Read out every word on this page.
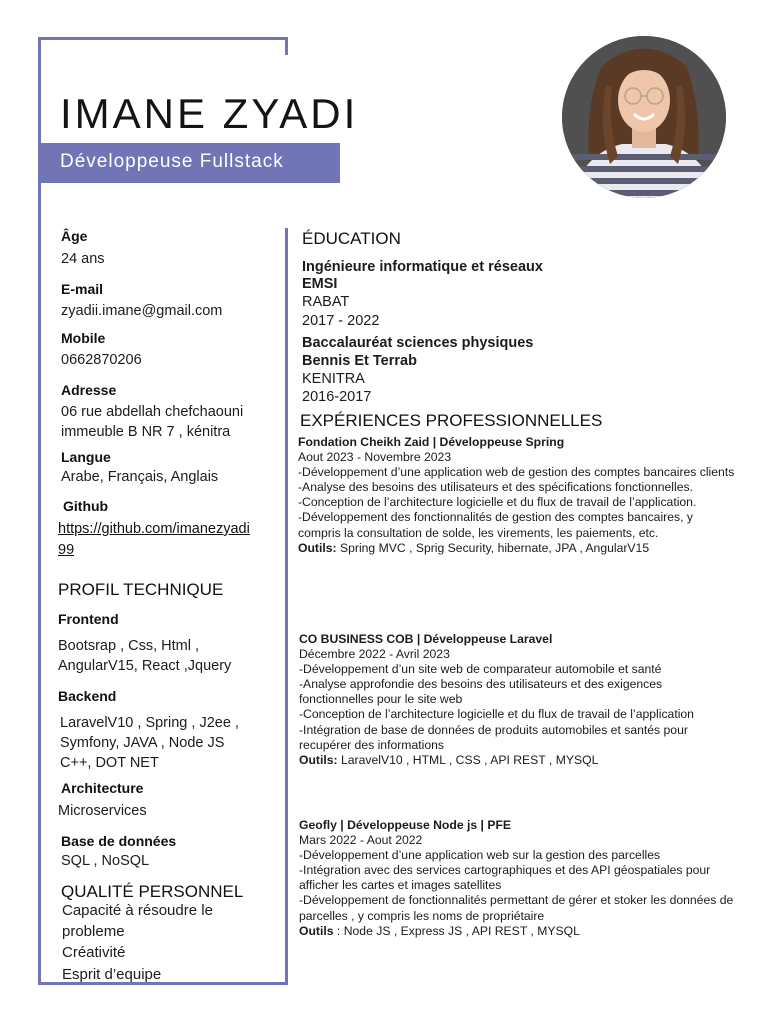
IMANE ZYADI
Développeuse Fullstack
Âge
24 ans
E-mail
zyadii.imane@gmail.com
Mobile
0662870206
Adresse
06 rue abdellah chefchaouni
immeuble B NR 7 , kénitra
Langue
Arabe, Français, Anglais
Github
https://github.com/imanezyadi
99
PROFIL TECHNIQUE
Frontend
Bootsrap , Css, Html ,
AngularV15, React ,Jquery
Backend
LaravelV10 , Spring , J2ee ,
Symfony, JAVA , Node JS
C++, DOT NET
Architecture
Microservices
Base de données
SQL , NoSQL
QUALITÉ PERSONNEL
Capacité à résoudre le
probleme
Créativité
Esprit d’equipe
ÉDUCATION
Ingénieure informatique et réseaux
EMSI
RABAT
2017 - 2022
Baccalauréat sciences physiques
Bennis Et Terrab
KENITRA
2016-2017
EXPÉRIENCES PROFESSIONNELLES
Fondation Cheikh Zaid | Développeuse Spring
Aout 2023 - Novembre 2023
-Développement d’une application web de gestion des comptes bancaires clients
-Analyse des besoins des utilisateurs et des spécifications fonctionnelles.
-Conception de l’architecture logicielle et du flux de travail de l’application.
-Développement des fonctionnalités de gestion des comptes bancaires, y compris la consultation de solde, les virements, les paiements, etc.
Outils: Spring MVC , Sprig Security, hibernate, JPA , AngularV15
CO BUSINESS COB | Développeuse Laravel
Décembre 2022 - Avril 2023
-Développement d’un site web de comparateur automobile et santé
-Analyse approfondie des besoins des utilisateurs et des exigences fonctionnelles pour le site web
-Conception de l’architecture logicielle et du flux de travail de l’application
-Intégration de base de données de produits automobiles et santés pour recupérer des informations
Outils: LaravelV10 , HTML , CSS , API REST , MYSQL
Geofly | Développeuse Node js | PFE
Mars 2022 - Aout 2022
-Développement d’une application web sur la gestion des parcelles
-Intégration avec des services cartographiques et des API géospatiales pour afficher les cartes et images satellites
-Développement de fonctionnalités permettant de gérer et stoker les données de parcelles , y compris les noms de propriétaire
Outils : Node JS , Express JS , API REST , MYSQL
